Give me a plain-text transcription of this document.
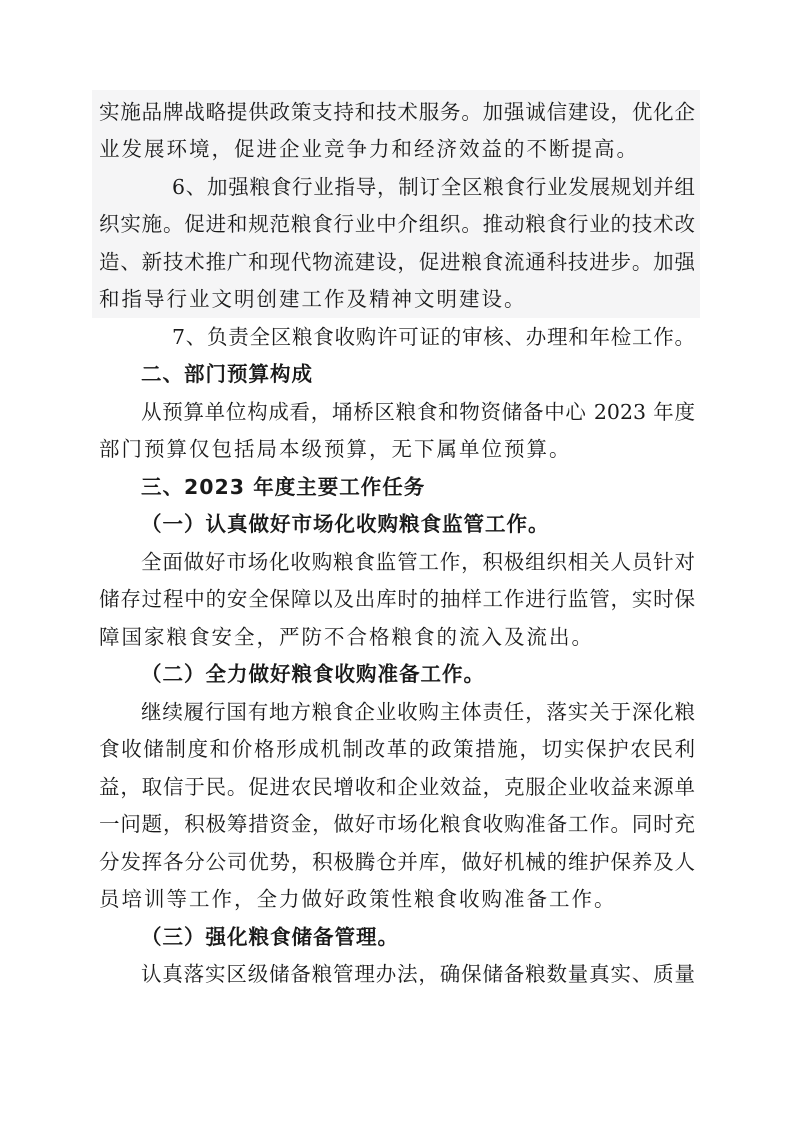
实施品牌战略提供政策支持和技术服务。加强诚信建设，优化企
业发展环境，促进企业竞争力和经济效益的不断提高。
6、加强粮食行业指导，制订全区粮食行业发展规划并组
织实施。促进和规范粮食行业中介组织。推动粮食行业的技术改
造、新技术推广和现代物流建设，促进粮食流通科技进步。加强
和指导行业文明创建工作及精神文明建设。
7、负责全区粮食收购许可证的审核、办理和年检工作。
二、部门预算构成
从预算单位构成看，埇桥区粮食和物资储备中心 2023 年度
部门预算仅包括局本级预算，无下属单位预算。
三、2023 年度主要工作任务
（一）认真做好市场化收购粮食监管工作。
全面做好市场化收购粮食监管工作，积极组织相关人员针对
储存过程中的安全保障以及出库时的抽样工作进行监管，实时保
障国家粮食安全，严防不合格粮食的流入及流出。
（二）全力做好粮食收购准备工作。
继续履行国有地方粮食企业收购主体责任，落实关于深化粮
食收储制度和价格形成机制改革的政策措施，切实保护农民利
益，取信于民。促进农民增收和企业效益，克服企业收益来源单
一问题，积极筹措资金，做好市场化粮食收购准备工作。同时充
分发挥各分公司优势，积极腾仓并库，做好机械的维护保养及人
员培训等工作，全力做好政策性粮食收购准备工作。
（三）强化粮食储备管理。
认真落实区级储备粮管理办法，确保储备粮数量真实、质量
